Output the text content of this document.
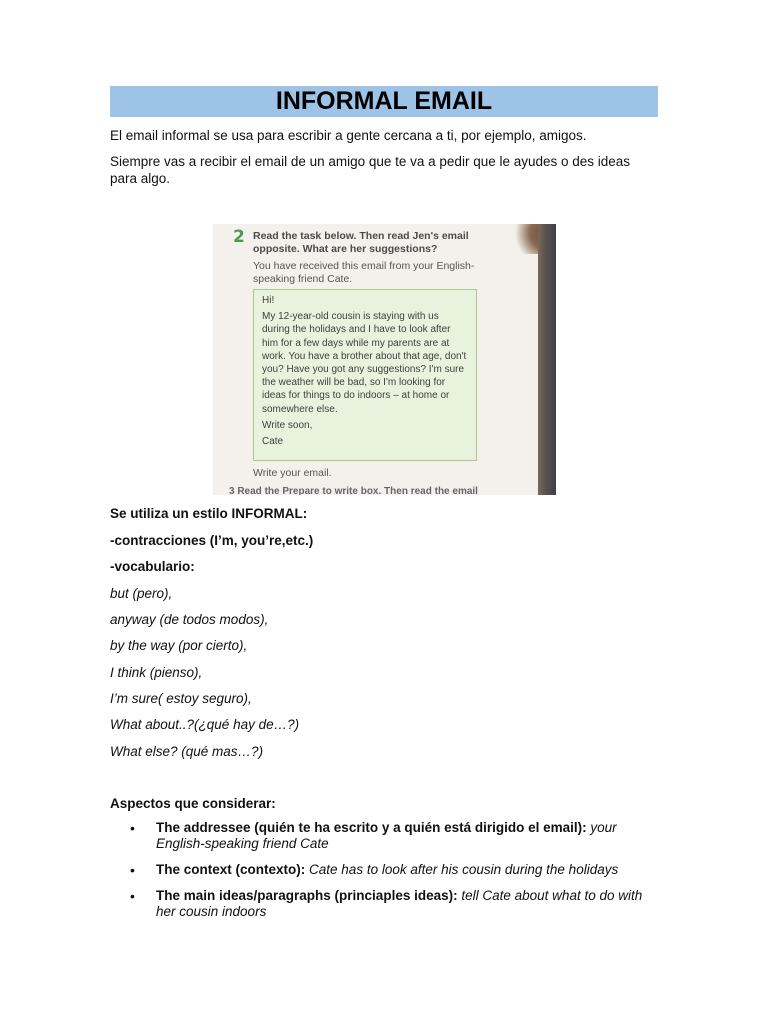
INFORMAL EMAIL

El email informal se usa para escribir a gente cercana a ti, por ejemplo, amigos.

Siempre vas a recibir el email de un amigo que te va a pedir que le ayudes o des ideas para algo.

2 Read the task below. Then read Jen's email opposite. What are her suggestions?
You have received this email from your English-speaking friend Cate.
Hi!
My 12-year-old cousin is staying with us during the holidays and I have to look after him for a few days while my parents are at work. You have a brother about that age, don't you? Have you got any suggestions? I'm sure the weather will be bad, so I'm looking for ideas for things to do indoors – at home or somewhere else.
Write soon,
Cate
Write your email.
3 Read the Prepare to write box. Then read the email
Se utiliza un estilo INFORMAL:
-contracciones (I’m, you’re,etc.)
-vocabulario:
but (pero),
anyway (de todos modos),
by the way (por cierto),
I think (pienso),
I’m sure( estoy seguro),
What about..?(¿qué hay de…?)
What else? (qué mas…?)
Aspectos que considerar:
• The addressee (quién te ha escrito y a quién está dirigido el email): your English-speaking friend Cate
• The context (contexto): Cate has to look after his cousin during the holidays
• The main ideas/paragraphs (princiaples ideas): tell Cate about what to do with her cousin indoors
